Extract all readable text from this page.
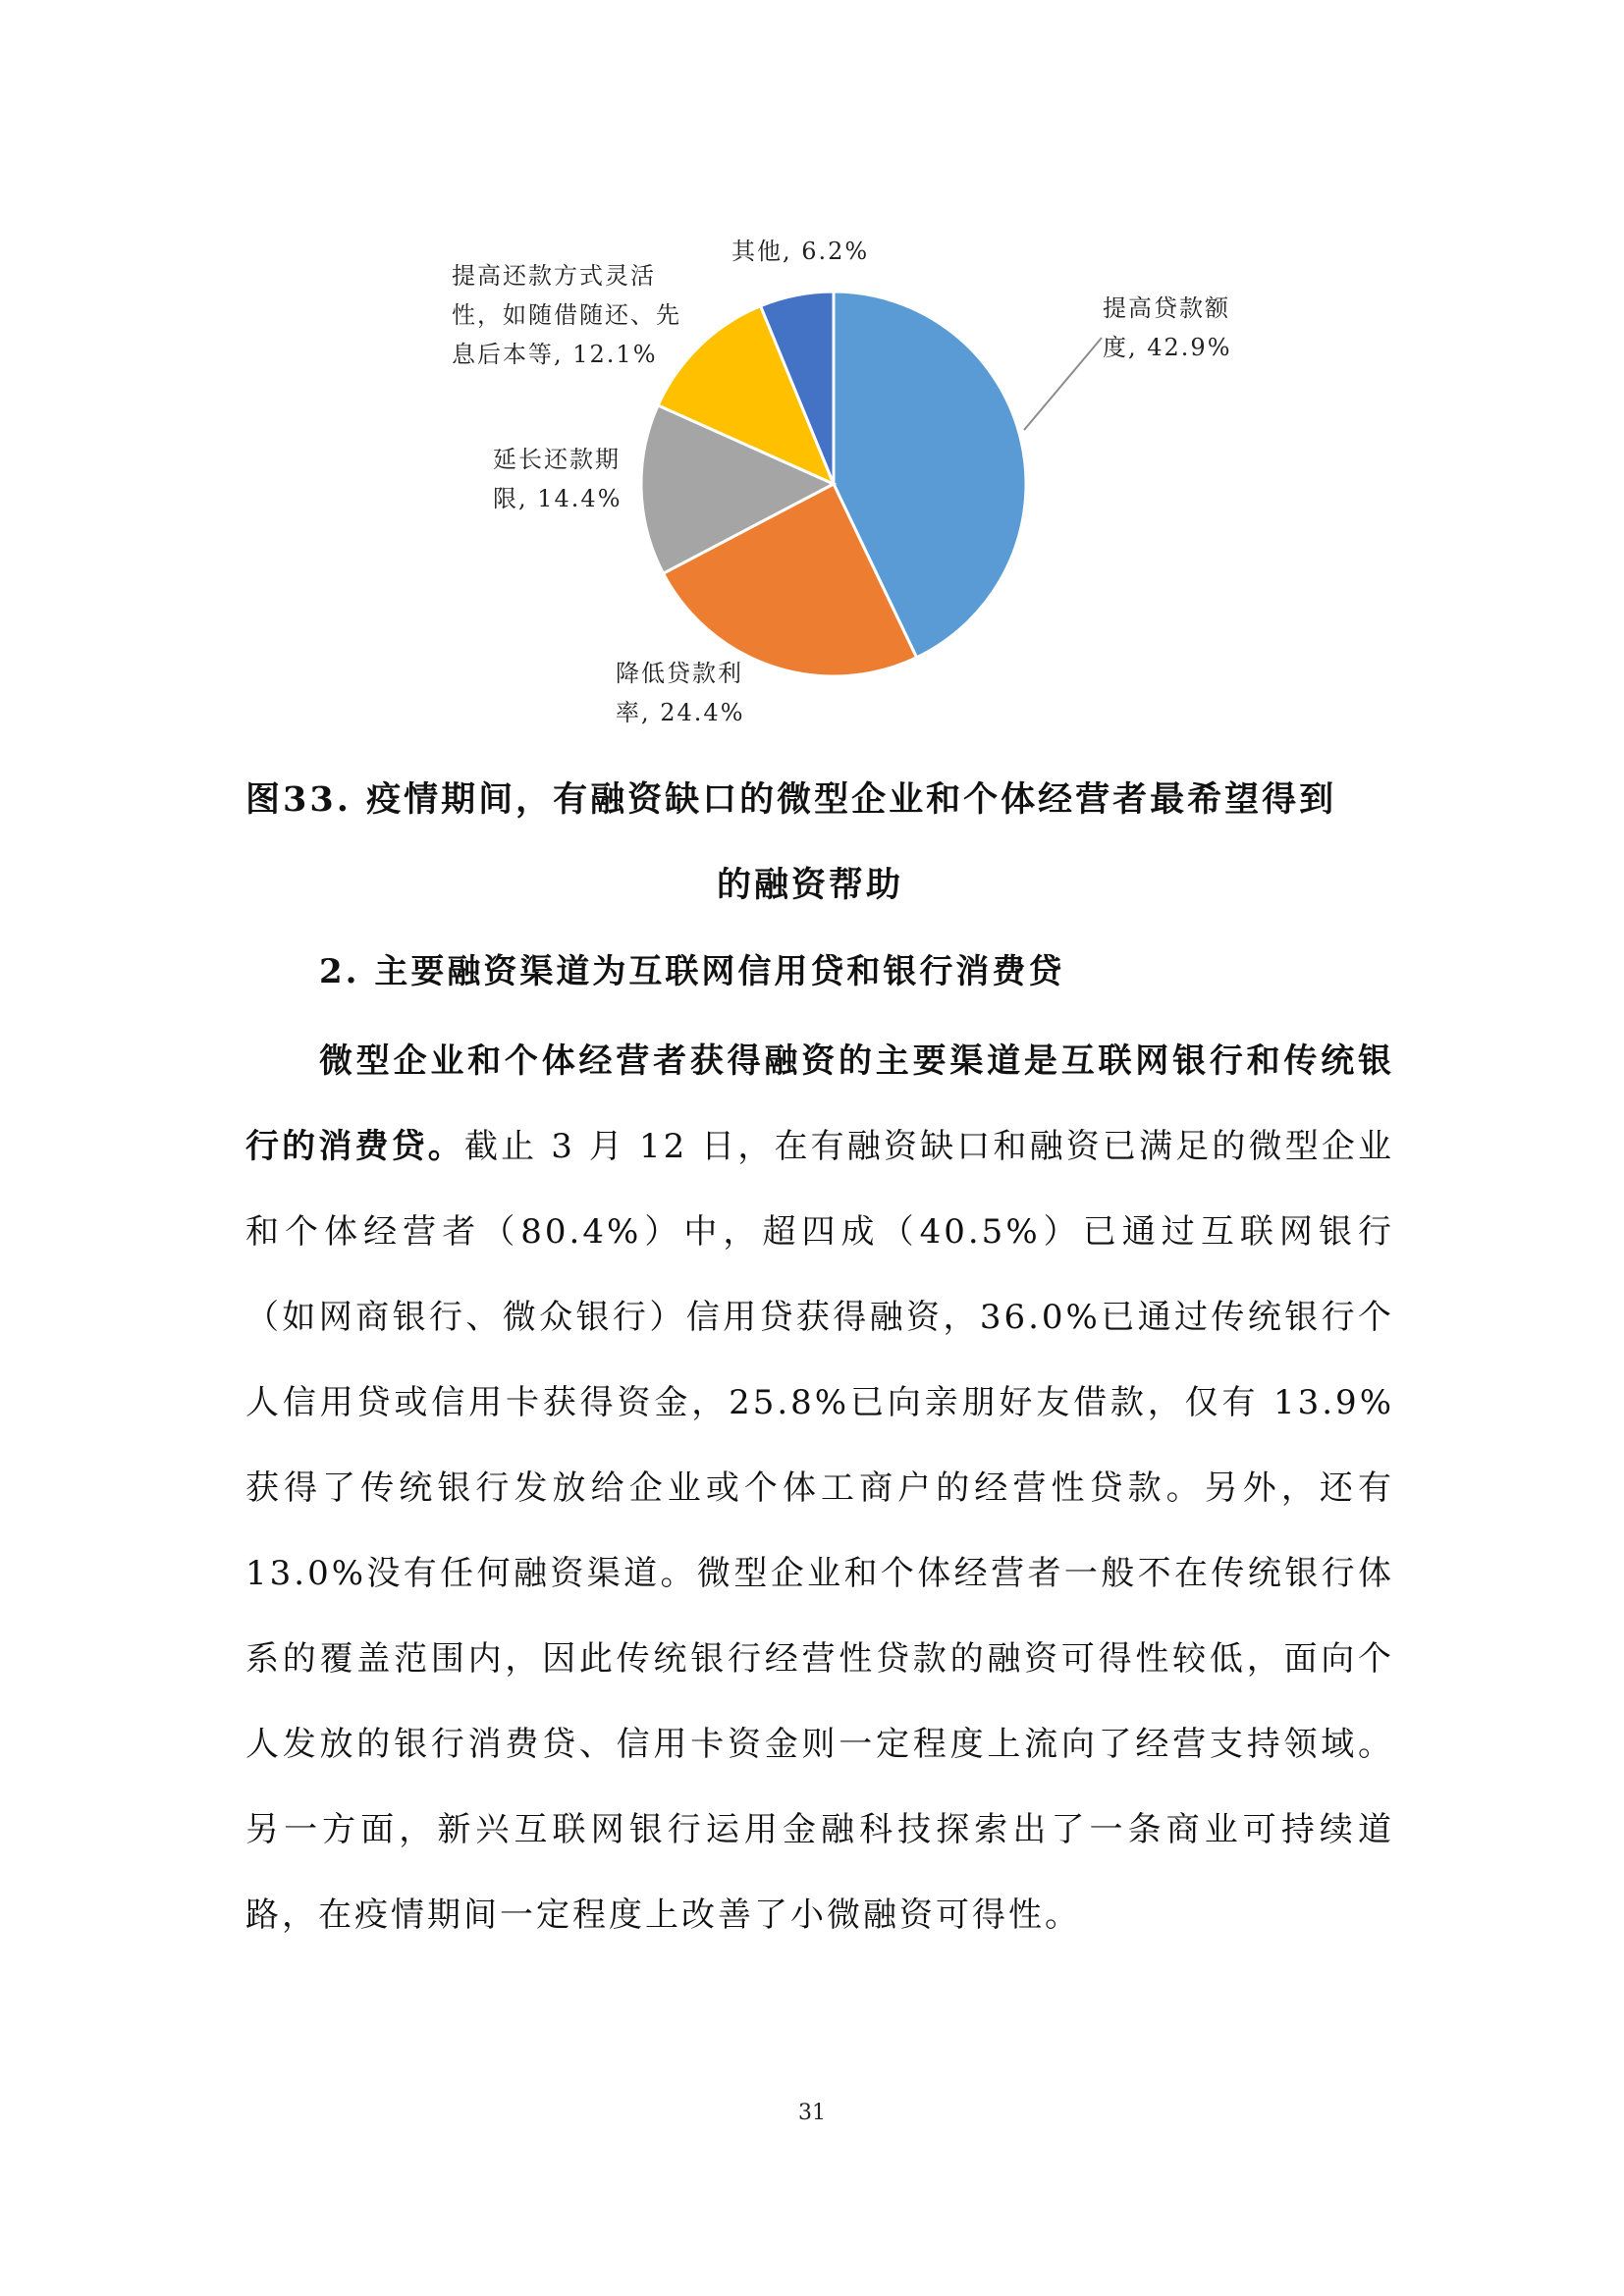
提高贷款额
度, 42.9%
降低贷款利
率, 24.4%
延长还款期
限, 14.4%
提高还款方式灵活
性，如随借随还、先
息后本等, 12.1%
其他, 6.2%
图33. 疫情期间，有融资缺口的微型企业和个体经营者最希望得到
的融资帮助
2. 主要融资渠道为互联网信用贷和银行消费贷
微型企业和个体经营者获得融资的主要渠道是互联网银行和传统银行的消费贷。截止 3 月 12 日，在有融资缺口和融资已满足的微型企业和个体经营者（80.4%）中，超四成（40.5%）已通过互联网银行（如网商银行、微众银行）信用贷获得融资，36.0%已通过传统银行个人信用贷或信用卡获得资金，25.8%已向亲朋好友借款，仅有 13.9%获得了传统银行发放给企业或个体工商户的经营性贷款。另外，还有 13.0%没有任何融资渠道。微型企业和个体经营者一般不在传统银行体系的覆盖范围内，因此传统银行经营性贷款的融资可得性较低，面向个人发放的银行消费贷、信用卡资金则一定程度上流向了经营支持领域。另一方面，新兴互联网银行运用金融科技探索出了一条商业可持续道路，在疫情期间一定程度上改善了小微融资可得性。
31
